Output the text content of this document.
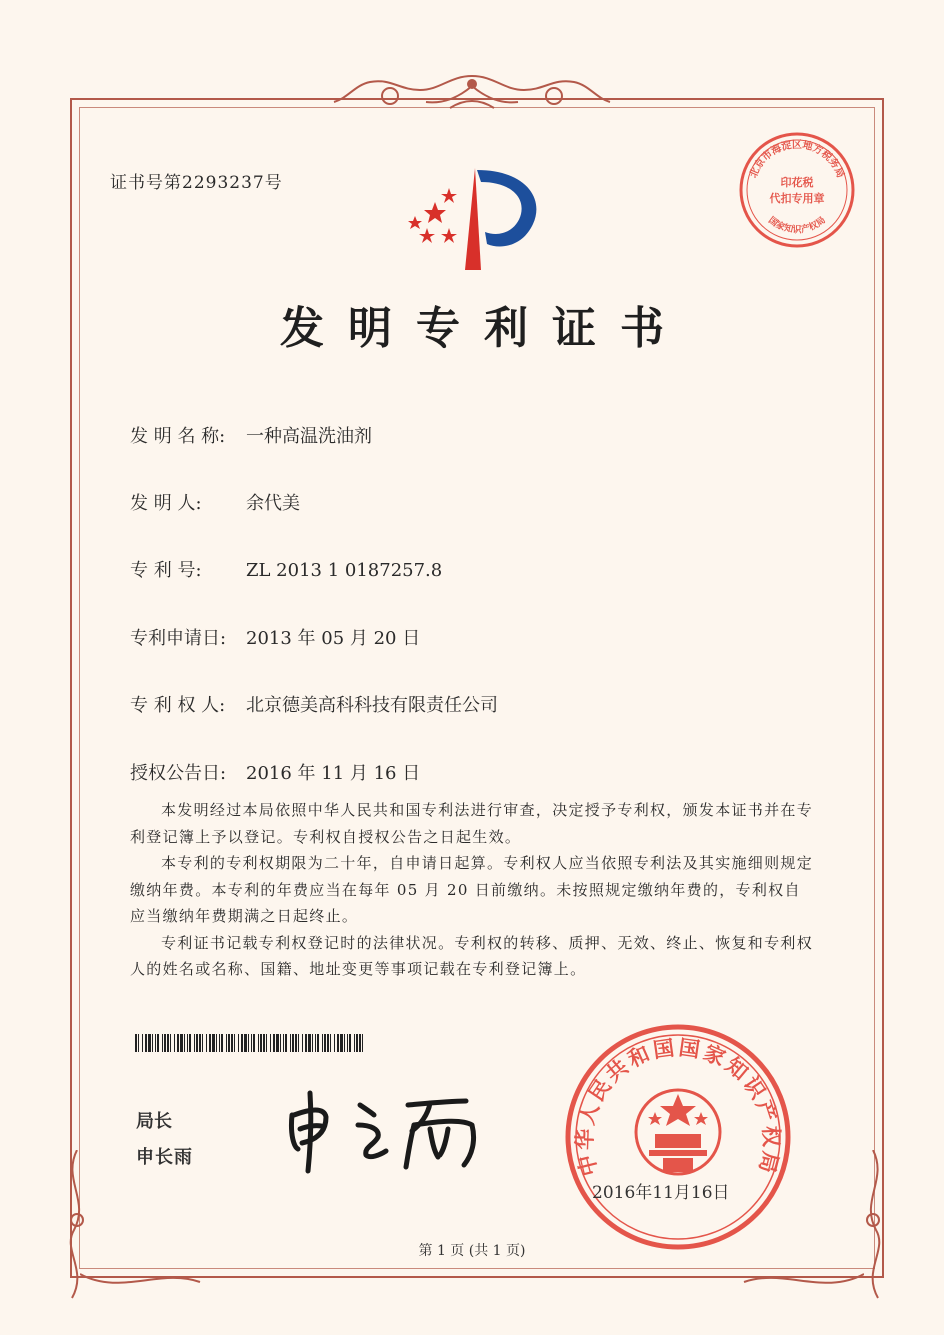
证书号第2293237号
发明专利证书
发 明 名 称: 一种高温洗油剂
发 明 人: 余代美
专 利 号: ZL 2013 1 0187257.8
专利申请日: 2013 年 05 月 20 日
专 利 权 人: 北京德美高科科技有限责任公司
授权公告日: 2016 年 11 月 16 日

本发明经过本局依照中华人民共和国专利法进行审查，决定授予专利权，颁发本证书并在专利登记簿上予以登记。专利权自授权公告之日起生效。

本专利的专利权期限为二十年，自申请日起算。专利权人应当依照专利法及其实施细则规定缴纳年费。本专利的年费应当在每年 05 月 20 日前缴纳。未按照规定缴纳年费的，专利权自应当缴纳年费期满之日起终止。

专利证书记载专利权登记时的法律状况。专利权的转移、质押、无效、终止、恢复和专利权人的姓名或名称、国籍、地址变更等事项记载在专利登记簿上。

局长
申长雨	中华人民共和国国家知识产权局
2016年11月16日
北京市海淀区地方税务局
国家知识产权局
印花税
代扣专用章
第 1 页 (共 1 页)
